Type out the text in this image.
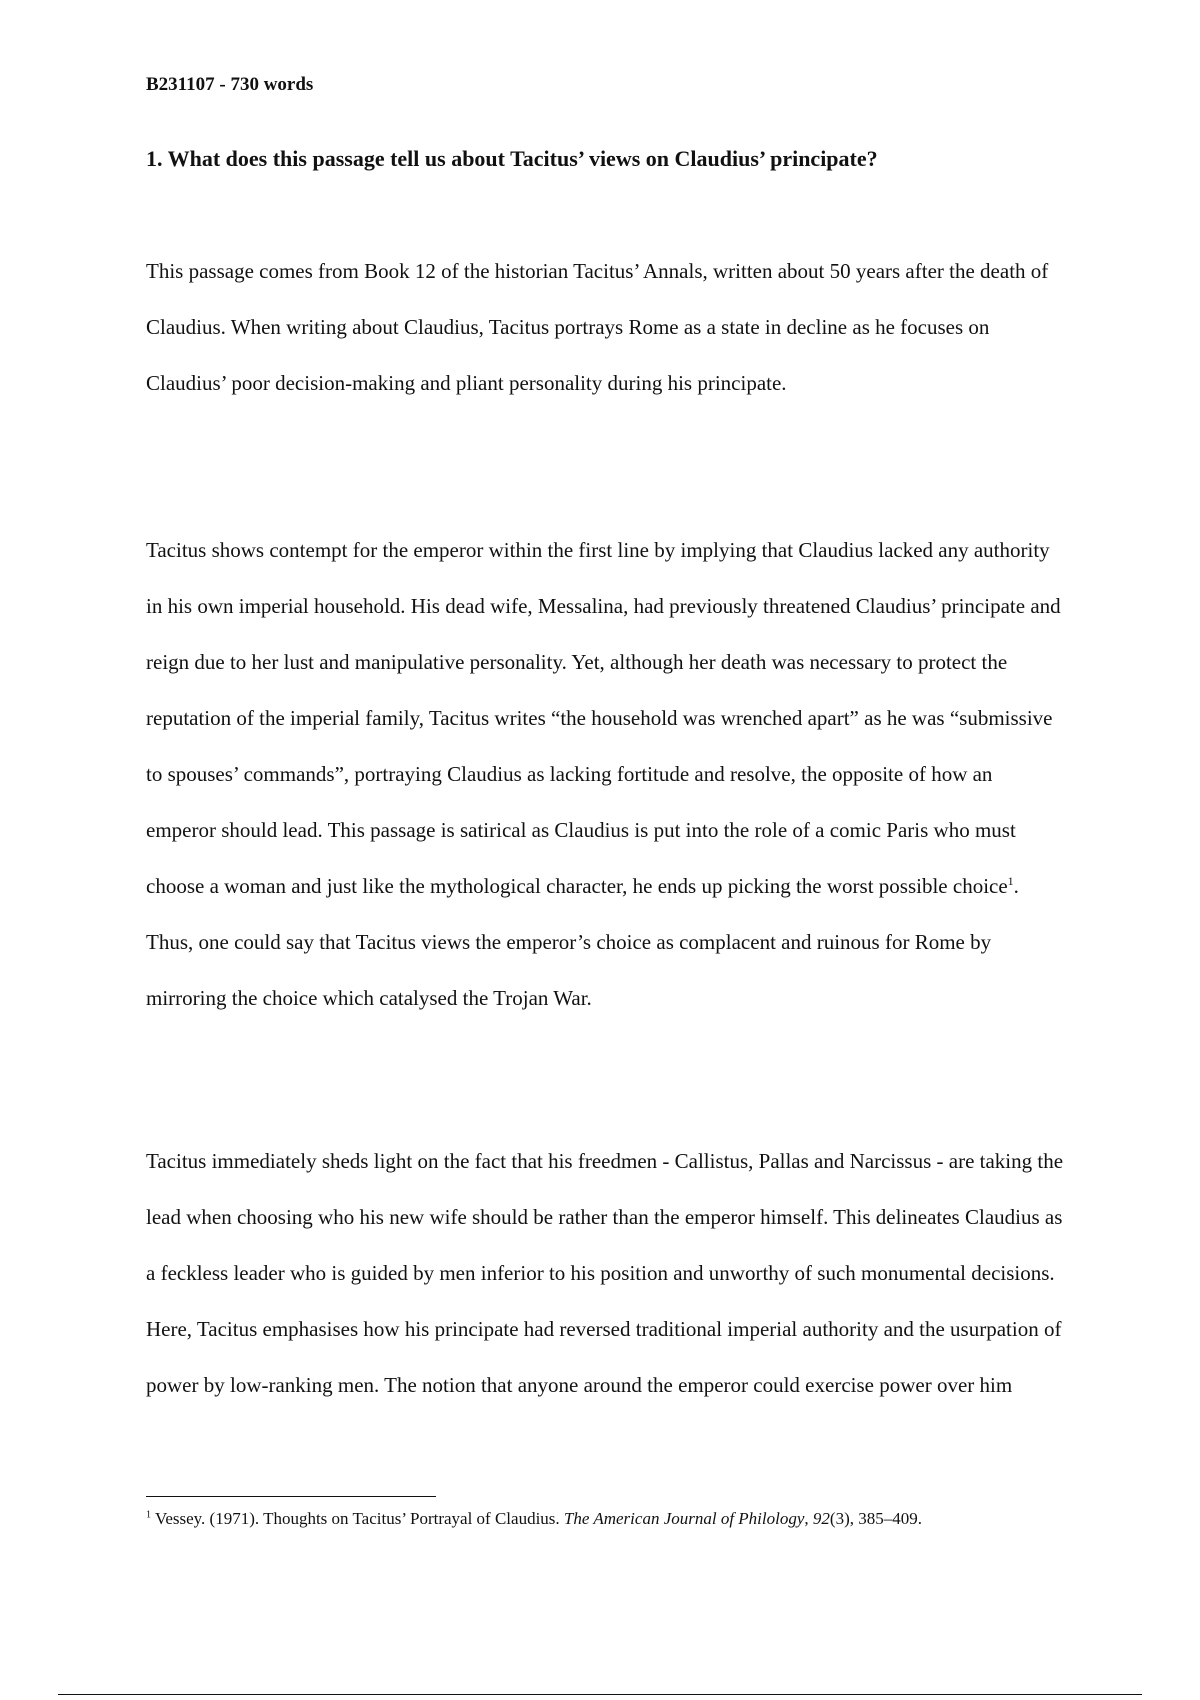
B231107 - 730 words

1. What does this passage tell us about Tacitus’ views on Claudius’ principate?

This passage comes from Book 12 of the historian Tacitus’ Annals, written about 50 years after the death of Claudius. When writing about Claudius, Tacitus portrays Rome as a state in decline as he focuses on Claudius’ poor decision-making and pliant personality during his principate.

Tacitus shows contempt for the emperor within the first line by implying that Claudius lacked any authority in his own imperial household. His dead wife, Messalina, had previously threatened Claudius’ principate and reign due to her lust and manipulative personality. Yet, although her death was necessary to protect the reputation of the imperial family, Tacitus writes “the household was wrenched apart” as he was “submissive to spouses’ commands”, portraying Claudius as lacking fortitude and resolve, the opposite of how an emperor should lead. This passage is satirical as Claudius is put into the role of a comic Paris who must choose a woman and just like the mythological character, he ends up picking the worst possible choice$^1$. Thus, one could say that Tacitus views the emperor’s choice as complacent and ruinous for Rome by mirroring the choice which catalysed the Trojan War.

Tacitus immediately sheds light on the fact that his freedmen - Callistus, Pallas and Narcissus - are taking the lead when choosing who his new wife should be rather than the emperor himself. This delineates Claudius as a feckless leader who is guided by men inferior to his position and unworthy of such monumental decisions. Here, Tacitus emphasises how his principate had reversed traditional imperial authority and the usurpation of power by low-ranking men. The notion that anyone around the emperor could exercise power over him

$^1$ Vessey. (1971). Thoughts on Tacitus’ Portrayal of Claudius. The American Journal of Philology, 92(3), 385–409.
